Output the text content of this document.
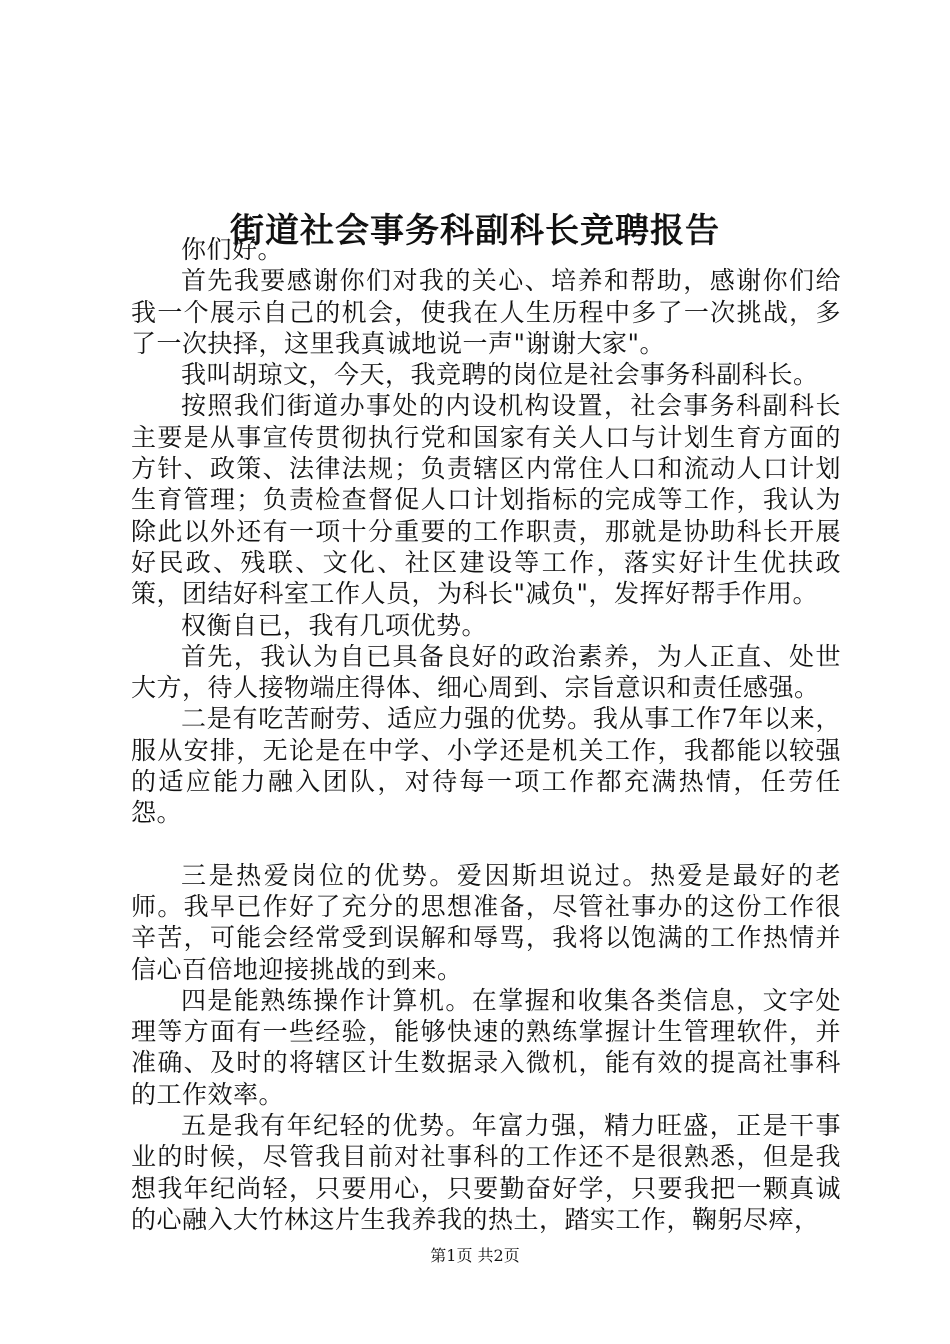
街道社会事务科副科长竞聘报告

你们好。

首先我要感谢你们对我的关心、培养和帮助，感谢你们给我一个展示自己的机会，使我在人生历程中多了一次挑战，多了一次抉择，这里我真诚地说一声"谢谢大家"。

我叫胡琼文，今天，我竞聘的岗位是社会事务科副科长。

按照我们街道办事处的内设机构设置，社会事务科副科长主要是从事宣传贯彻执行党和国家有关人口与计划生育方面的方针、政策、法律法规；负责辖区内常住人口和流动人口计划生育管理；负责检查督促人口计划指标的完成等工作，我认为除此以外还有一项十分重要的工作职责，那就是协助科长开展好民政、残联、文化、社区建设等工作，落实好计生优扶政策，团结好科室工作人员，为科长"减负"，发挥好帮手作用。

权衡自已，我有几项优势。

首先，我认为自已具备良好的政治素养，为人正直、处世大方，待人接物端庄得体、细心周到、宗旨意识和责任感强。

二是有吃苦耐劳、适应力强的优势。我从事工作7年以来，服从安排，无论是在中学、小学还是机关工作，我都能以较强的适应能力融入团队，对待每一项工作都充满热情，任劳任怨。

三是热爱岗位的优势。爱因斯坦说过。热爱是最好的老师。我早已作好了充分的思想准备，尽管社事办的这份工作很辛苦，可能会经常受到误解和辱骂，我将以饱满的工作热情并信心百倍地迎接挑战的到来。

四是能熟练操作计算机。在掌握和收集各类信息，文字处理等方面有一些经验，能够快速的熟练掌握计生管理软件，并准确、及时的将辖区计生数据录入微机，能有效的提高社事科的工作效率。

五是我有年纪轻的优势。年富力强，精力旺盛，正是干事业的时候，尽管我目前对社事科的工作还不是很熟悉，但是我想我年纪尚轻，只要用心，只要勤奋好学，只要我把一颗真诚的心融入大竹林这片生我养我的热土，踏实工作，鞠躬尽瘁，

第1页 共2页
